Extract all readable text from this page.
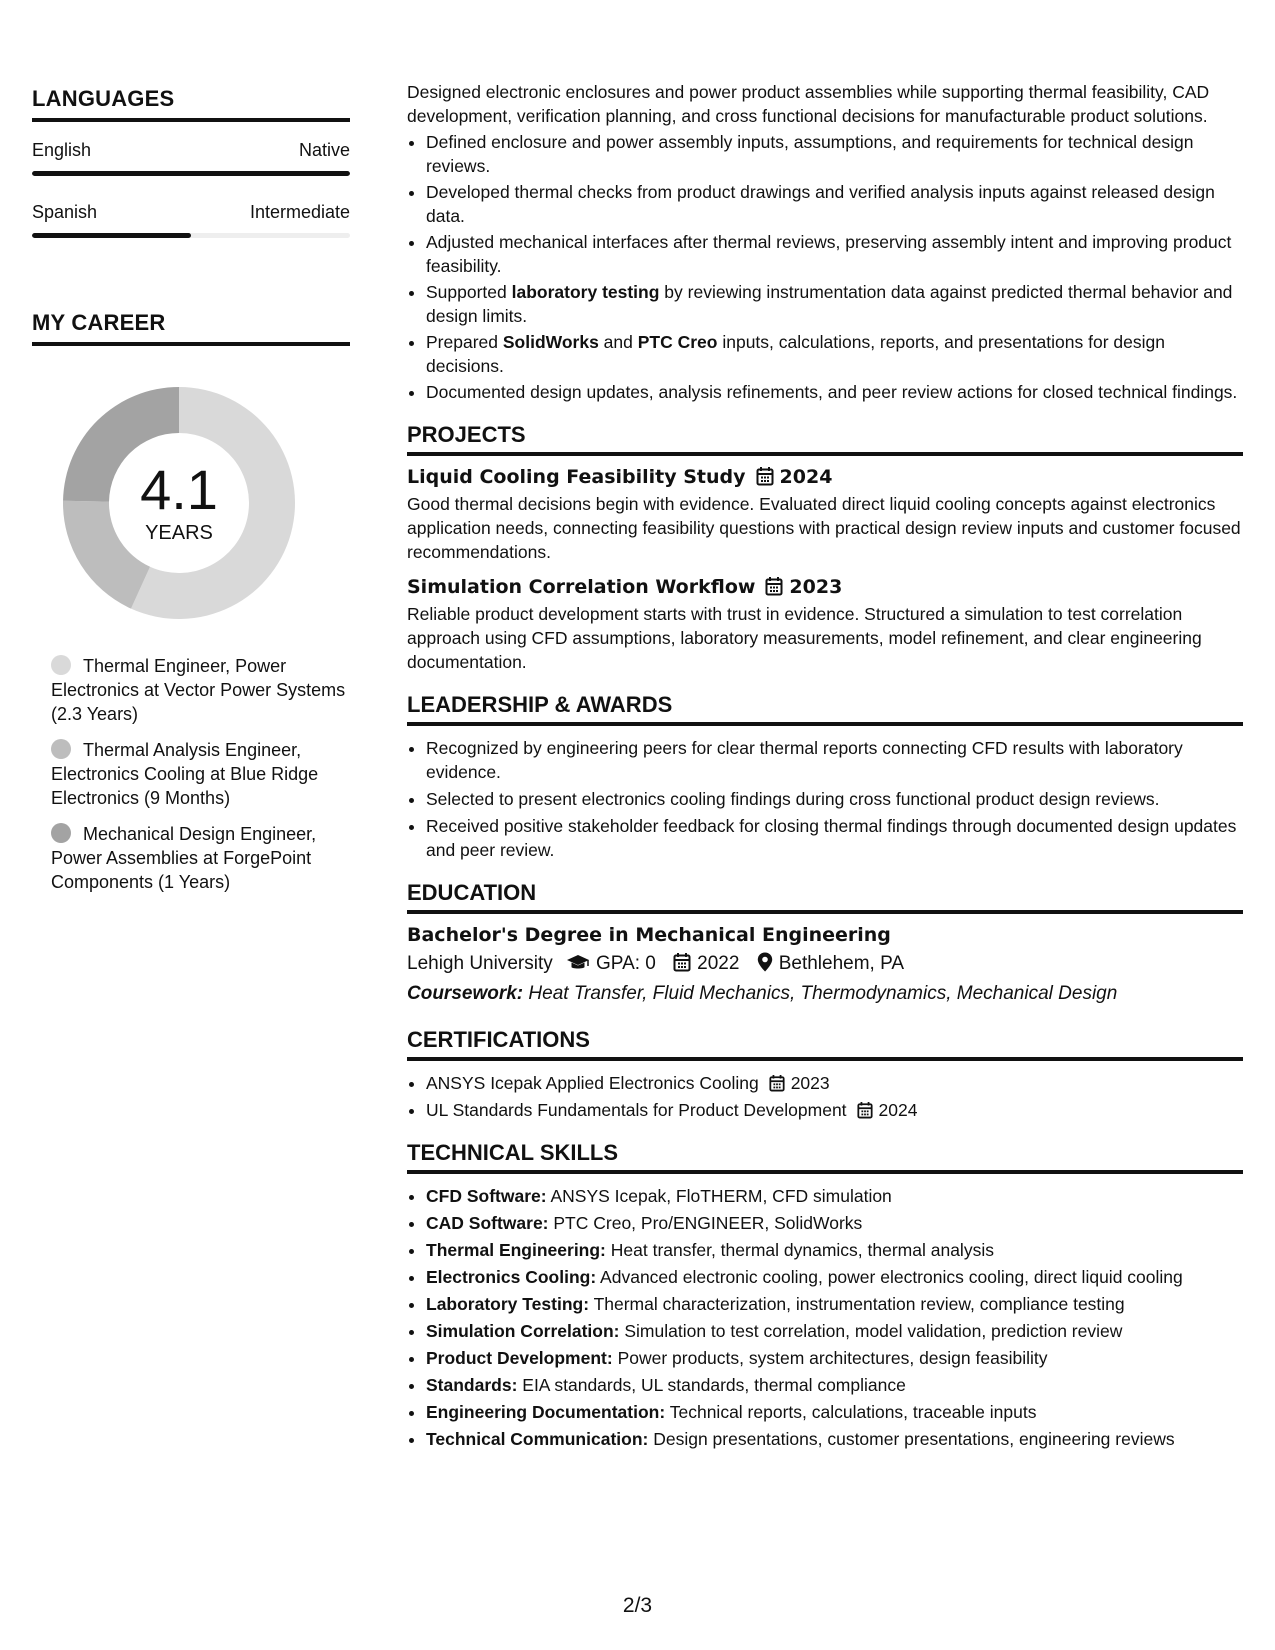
LANGUAGES
English	Native
Spanish	Intermediate
MY CAREER
4.1
YEARS
Thermal Engineer, Power Electronics at Vector Power Systems (2.3 Years)
Thermal Analysis Engineer, Electronics Cooling at Blue Ridge Electronics (9 Months)
Mechanical Design Engineer, Power Assemblies at ForgePoint Components (1 Years)

Designed electronic enclosures and power product assemblies while supporting thermal feasibility, CAD development, verification planning, and cross functional decisions for manufacturable product solutions.

• Defined enclosure and power assembly inputs, assumptions, and requirements for technical design reviews.
• Developed thermal checks from product drawings and verified analysis inputs against released design data.
• Adjusted mechanical interfaces after thermal reviews, preserving assembly intent and improving product feasibility.
• Supported laboratory testing by reviewing instrumentation data against predicted thermal behavior and design limits.
• Prepared SolidWorks and PTC Creo inputs, calculations, reports, and presentations for design decisions.
• Documented design updates, analysis refinements, and peer review actions for closed technical findings.
PROJECTS
Liquid Cooling Feasibility Study 2024
Good thermal decisions begin with evidence. Evaluated direct liquid cooling concepts against electronics application needs, connecting feasibility questions with practical design review inputs and customer focused recommendations.
Simulation Correlation Workflow 2023
Reliable product development starts with trust in evidence. Structured a simulation to test correlation approach using CFD assumptions, laboratory measurements, model refinement, and clear engineering documentation.
LEADERSHIP & AWARDS
• Recognized by engineering peers for clear thermal reports connecting CFD results with laboratory evidence.
• Selected to present electronics cooling findings during cross functional product design reviews.
• Received positive stakeholder feedback for closing thermal findings through documented design updates and peer review.
EDUCATION
Bachelor's Degree in Mechanical Engineering
Lehigh University GPA: 0 2022 Bethlehem, PA
Coursework: Heat Transfer, Fluid Mechanics, Thermodynamics, Mechanical Design
CERTIFICATIONS
• ANSYS Icepak Applied Electronics Cooling 2023
• UL Standards Fundamentals for Product Development 2024
TECHNICAL SKILLS
• CFD Software: ANSYS Icepak, FloTHERM, CFD simulation
• CAD Software: PTC Creo, Pro/ENGINEER, SolidWorks
• Thermal Engineering: Heat transfer, thermal dynamics, thermal analysis
• Electronics Cooling: Advanced electronic cooling, power electronics cooling, direct liquid cooling
• Laboratory Testing: Thermal characterization, instrumentation review, compliance testing
• Simulation Correlation: Simulation to test correlation, model validation, prediction review
• Product Development: Power products, system architectures, design feasibility
• Standards: EIA standards, UL standards, thermal compliance
• Engineering Documentation: Technical reports, calculations, traceable inputs
• Technical Communication: Design presentations, customer presentations, engineering reviews
2/3
